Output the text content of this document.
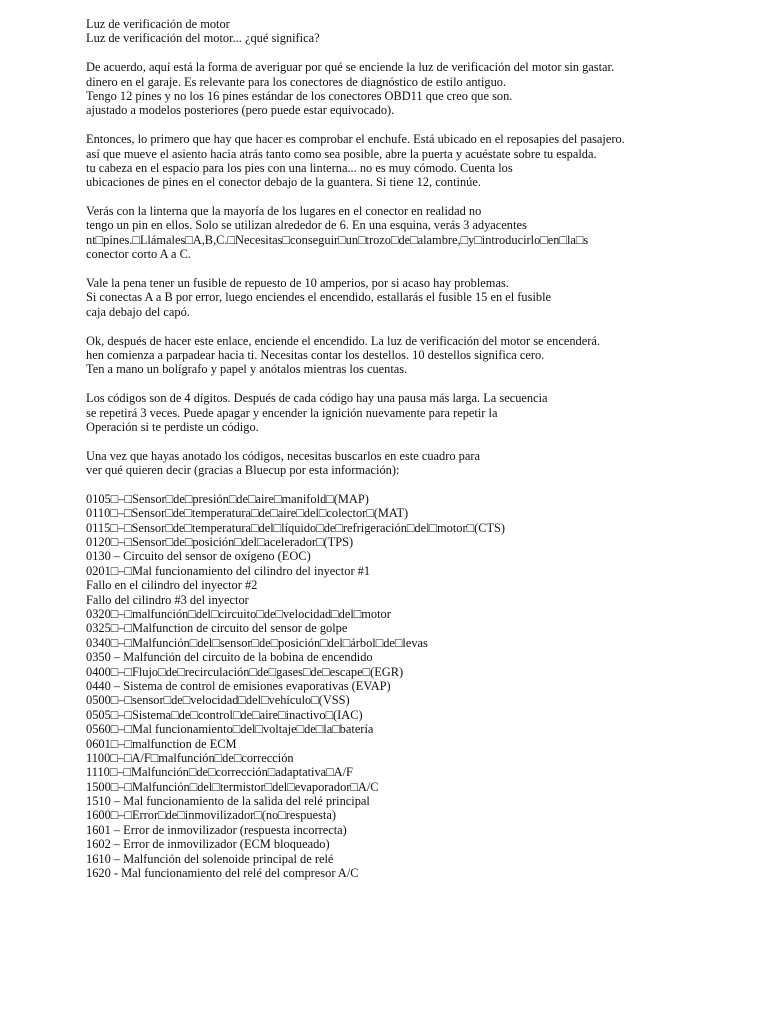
Luz de verificación de motor
Luz de verificación del motor... ¿qué significa?
De acuerdo, aquí está la forma de averiguar por qué se enciende la luz de verificación del motor sin gastar.
dinero en el garaje. Es relevante para los conectores de diagnóstico de estilo antiguo.
Tengo 12 pines y no los 16 pines estándar de los conectores OBD11 que creo que son.
ajustado a modelos posteriores (pero puede estar equivocado).
Entonces, lo primero que hay que hacer es comprobar el enchufe. Está ubicado en el reposapies del pasajero.
así que mueve el asiento hacia atrás tanto como sea posible, abre la puerta y acuéstate sobre tu espalda.
tu cabeza en el espacio para los pies con una linterna... no es muy cómodo. Cuenta los
ubicaciones de pines en el conector debajo de la guantera. Si tiene 12, continúe.
Verás con la linterna que la mayoría de los lugares en el conector en realidad no
tengo un pin en ellos. Solo se utilizan alrededor de 6. En una esquina, verás 3 adyacentes
nt□pines.□Llámales□A,B,C.□Necesitas□conseguir□un□trozo□de□alambre,□y□introducirlo□en□la□s
conector corto A a C.
Vale la pena tener un fusible de repuesto de 10 amperios, por si acaso hay problemas.
Si conectas A a B por error, luego enciendes el encendido, estallarás el fusible 15 en el fusible
caja debajo del capó.
Ok, después de hacer este enlace, enciende el encendido. La luz de verificación del motor se encenderá.
hen comienza a parpadear hacia ti. Necesitas contar los destellos. 10 destellos significa cero.
Ten a mano un bolígrafo y papel y anótalos mientras los cuentas.
Los códigos son de 4 dígitos. Después de cada código hay una pausa más larga. La secuencia
se repetirá 3 veces. Puede apagar y encender la ignición nuevamente para repetir la
Operación si te perdiste un código.
Una vez que hayas anotado los códigos, necesitas buscarlos en este cuadro para
ver qué quieren decir (gracias a Bluecup por esta información):
0105□–□Sensor□de□presión□de□aire□manifold□(MAP)
0110□–□Sensor□de□temperatura□de□aire□del□colector□(MAT)
0115□–□Sensor□de□temperatura□del□líquido□de□refrigeración□del□motor□(CTS)
0120□–□Sensor□de□posición□del□acelerador□(TPS)
0130 – Circuito del sensor de oxígeno (EOC)
0201□–□Mal funcionamiento del cilindro del inyector #1
Fallo en el cilindro del inyector #2
Fallo del cilindro #3 del inyector
0320□–□malfunción□del□circuito□de□velocidad□del□motor
0325□–□Malfunction de circuito del sensor de golpe
0340□–□Malfunción□del□sensor□de□posición□del□árbol□de□levas
0350 – Malfunción del circuito de la bobina de encendido
0400□–□Flujo□de□recirculación□de□gases□de□escape□(EGR)
0440 – Sistema de control de emisiones evaporativas (EVAP)
0500□–□sensor□de□velocidad□del□vehículo□(VSS)
0505□–□Sistema□de□control□de□aire□inactivo□(IAC)
0560□–□Mal funcionamiento□del□voltaje□de□la□batería
0601□–□malfunction de ECM
1100□–□A/F□malfunción□de□corrección
1110□–□Malfunción□de□corrección□adaptativa□A/F
1500□–□Malfunción□del□termistor□del□evaporador□A/C
1510 – Mal funcionamiento de la salida del relé principal
1600□–□Error□de□inmovilizador□(no□respuesta)
1601 – Error de inmovilizador (respuesta incorrecta)
1602 – Error de inmovilizador (ECM bloqueado)
1610 – Malfunción del solenoide principal de relé
1620 - Mal funcionamiento del relé del compresor A/C
